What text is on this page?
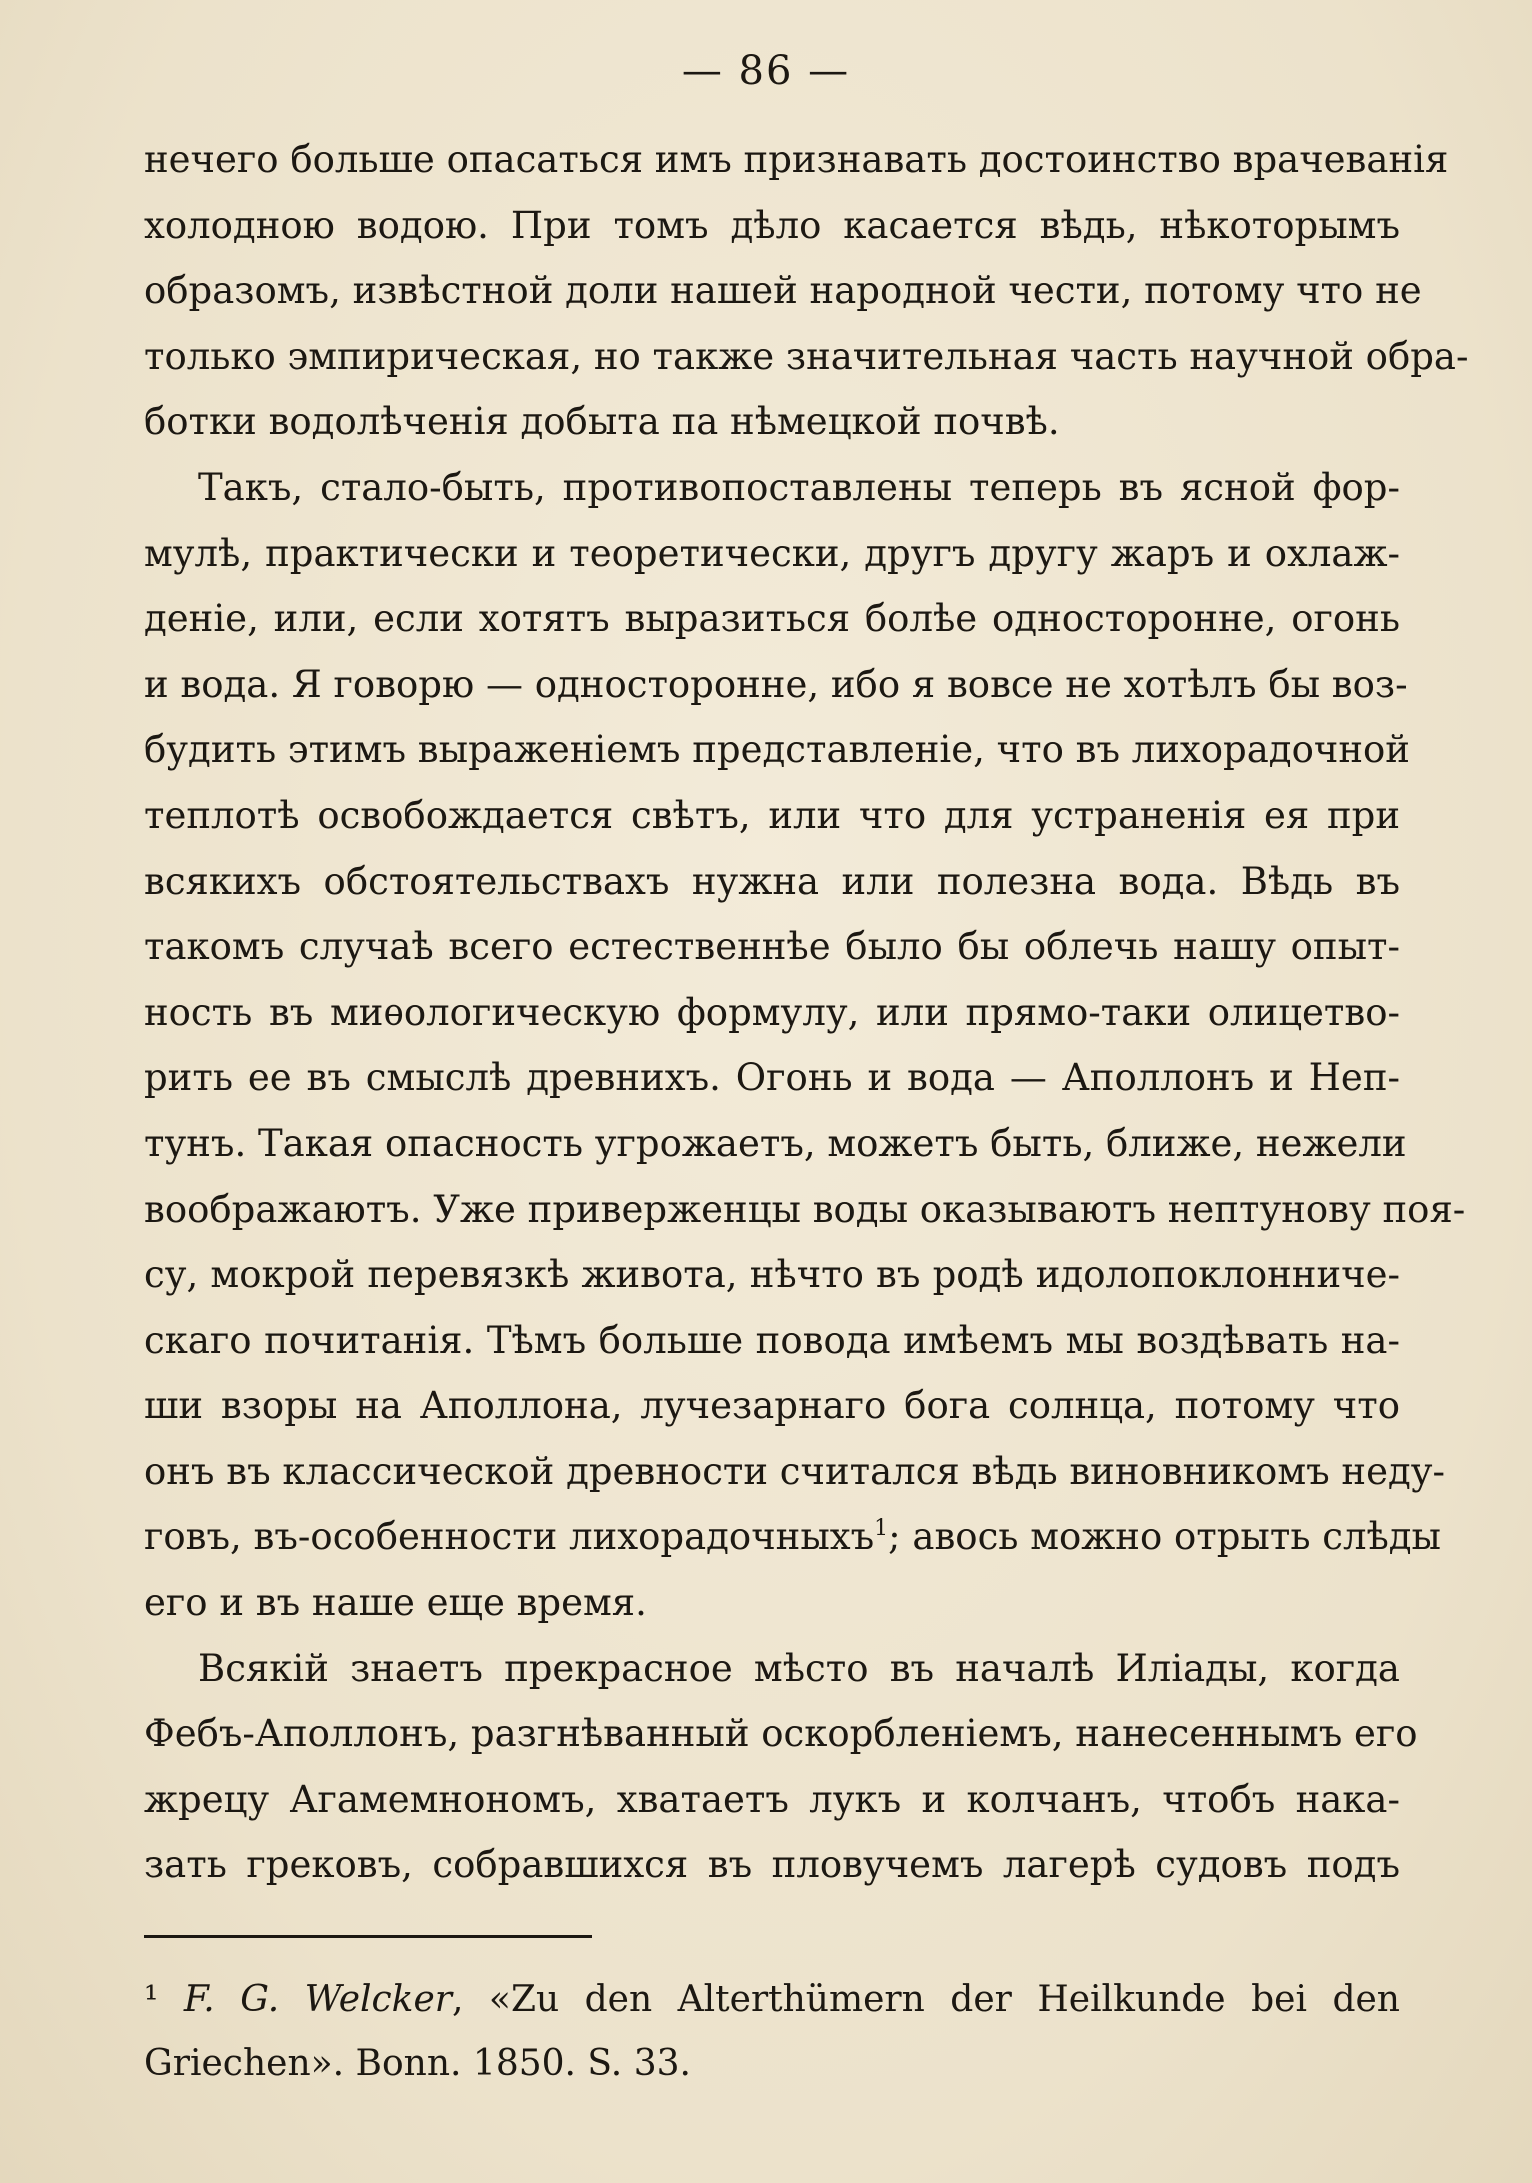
— 86 —
нечего больше опасаться имъ признавать достоинство врачеванія
холодною водою. При томъ дѣло касается вѣдь, нѣкоторымъ
образомъ, извѣстной доли нашей народной чести, потому что не
только эмпирическая, но также значительная часть научной обра-
ботки водолѣченія добыта па нѣмецкой почвѣ.
Такъ, стало-быть, противопоставлены теперь въ ясной фор-
мулѣ, практически и теоретически, другъ другу жаръ и охлаж-
деніе, или, если хотятъ выразиться болѣе односторонне, огонь
и вода. Я говорю — односторонне, ибо я вовсе не хотѣлъ бы воз-
будить этимъ выраженіемъ представленіе, что въ лихорадочной
теплотѣ освобождается свѣтъ, или что для устраненія ея при
всякихъ обстоятельствахъ нужна или полезна вода. Вѣдь въ
такомъ случаѣ всего естественнѣе было бы облечь нашу опыт-
ность въ миѳологическую формулу, или прямо-таки олицетво-
рить ее въ смыслѣ древнихъ. Огонь и вода — Аполлонъ и Неп-
тунъ. Такая опасность угрожаетъ, можетъ быть, ближе, нежели
воображаютъ. Уже приверженцы воды оказываютъ нептунову поя-
су, мокрой перевязкѣ живота, нѣчто въ родѣ идолопоклонниче-
скаго почитанія. Тѣмъ больше повода имѣемъ мы воздѣвать на-
ши взоры на Аполлона, лучезарнаго бога солнца, потому что
онъ въ классической древности считался вѣдь виновникомъ неду-
говъ, въ-особенности лихорадочныхъ$^1$; авось можно отрыть слѣды
его и въ наше еще время.
Всякій знаетъ прекрасное мѣсто въ началѣ Иліады, когда
Фебъ-Аполлонъ, разгнѣванный оскорбленіемъ, нанесеннымъ его
жрецу Агамемнономъ, хватаетъ лукъ и колчанъ, чтобъ нака-
зать грековъ, собравшихся въ пловучемъ лагерѣ судовъ подъ
¹ F. G. Welcker, «Zu den Alterthümern der Heilkunde bei den
Griechen». Bonn. 1850. S. 33.
